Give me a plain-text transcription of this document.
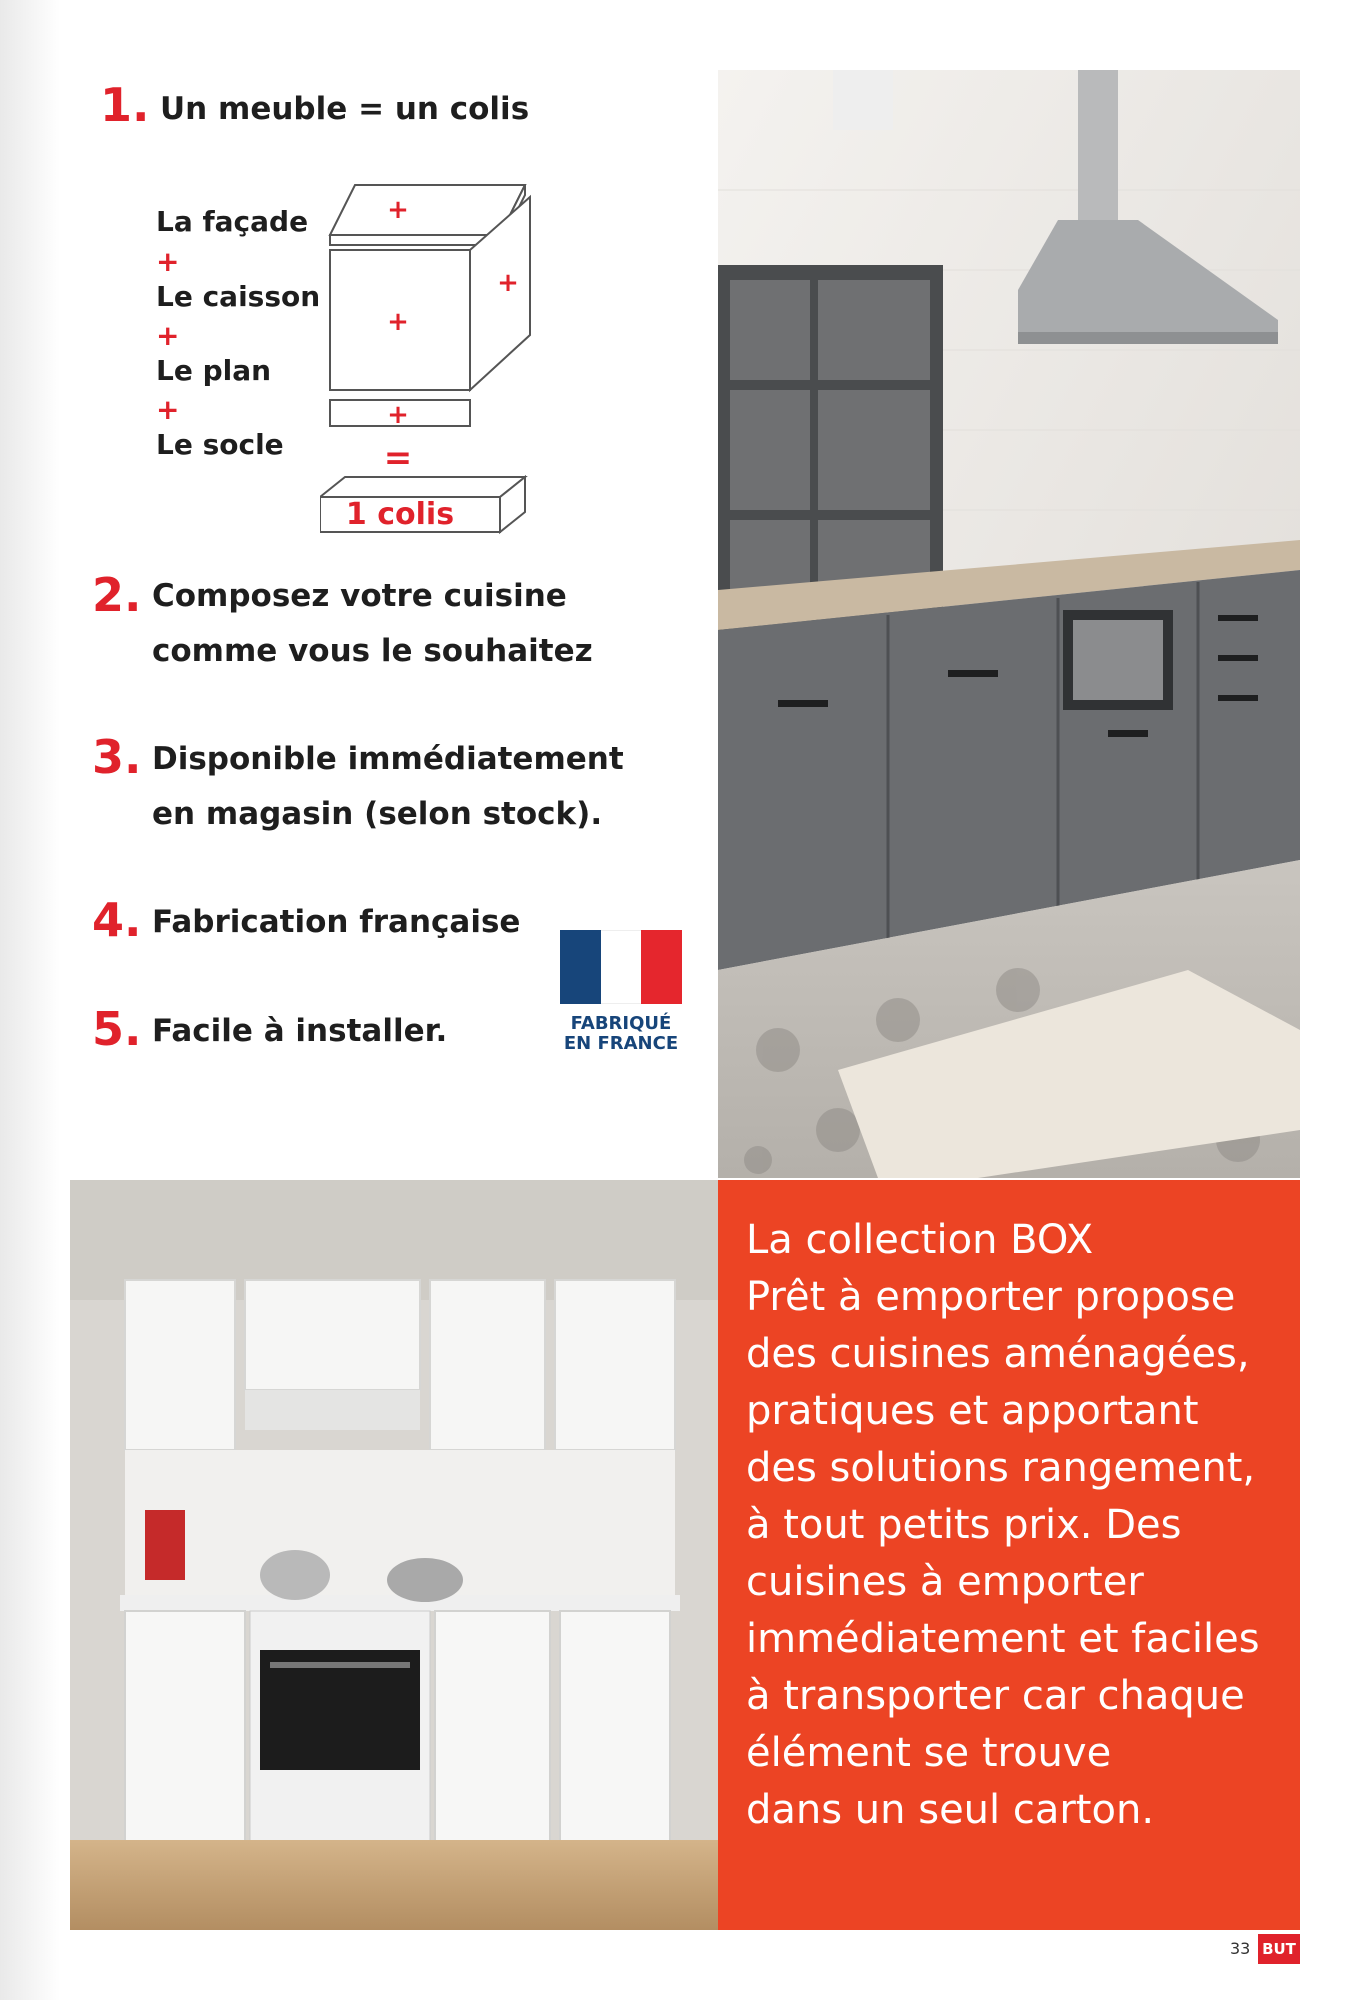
1. Un meuble = un colis
La façade
+
Le caisson
+
Le plan
+
Le socle
+
+
+
+
=
1 colis
2. Composez votre cuisine
comme vous le souhaitez
3. Disponible immédiatement
en magasin (selon stock).
4. Fabrication française
5. Facile à installer.	FABRIQUÉ
EN FRANCE
La collection BOX
Prêt à emporter propose
des cuisines aménagées,
pratiques et apportant
des solutions rangement,
à tout petits prix. Des
cuisines à emporter
immédiatement et faciles
à transporter car chaque
élément se trouve
dans un seul carton.
33 BUT
